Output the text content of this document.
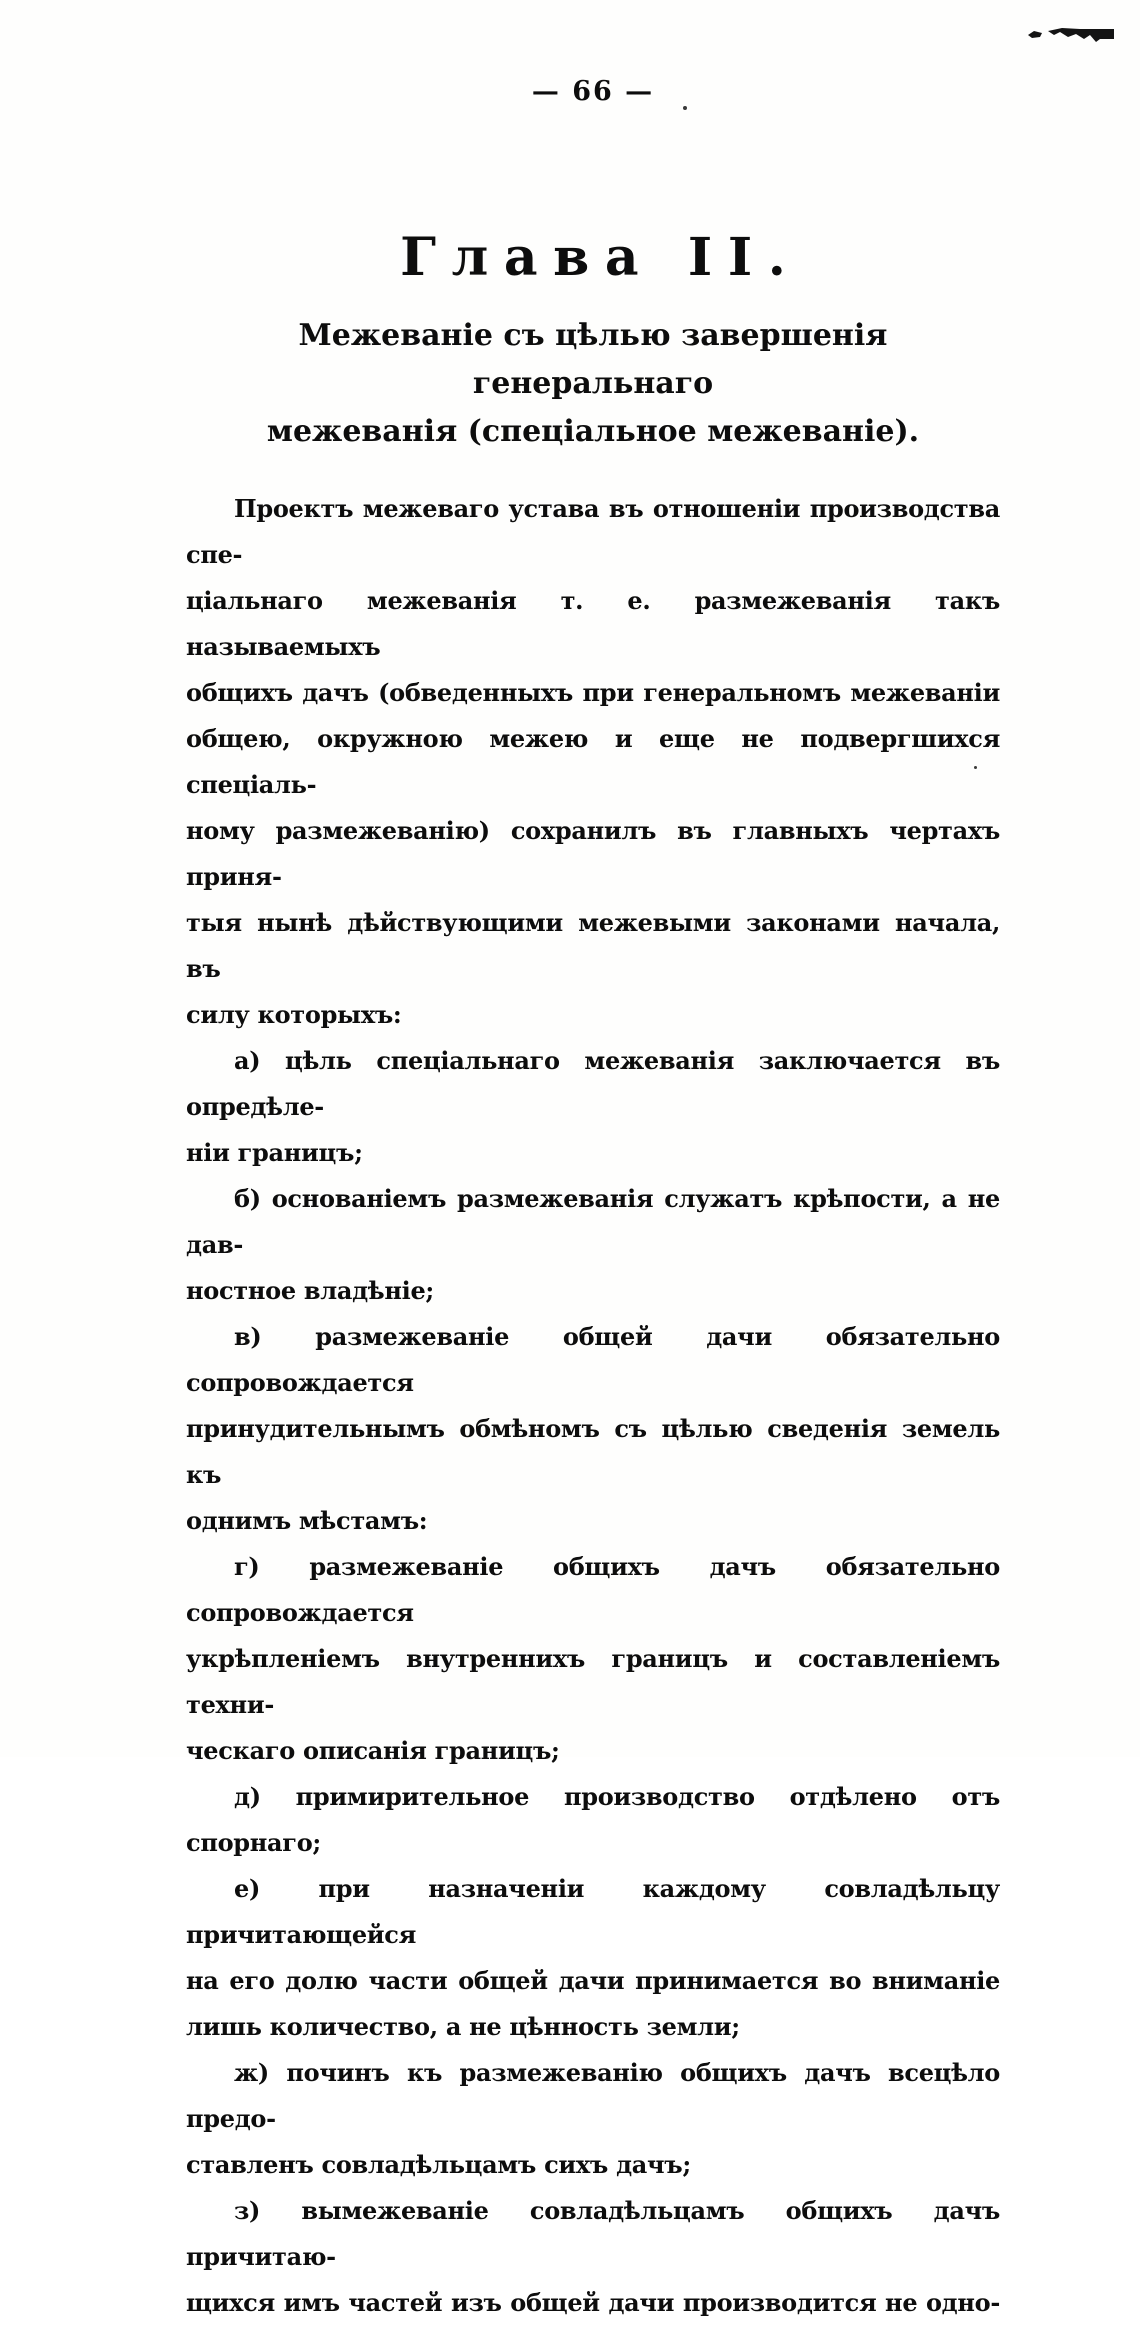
— 66 —
Глава II.
Межеваніе съ цѣлью завершенія генеральнаго
межеванія (спеціальное межеваніе).
Проектъ межеваго устава въ отношеніи производства спе-
ціальнаго межеванія т. е. размежеванія такъ называемыхъ
общихъ дачъ (обведенныхъ при генеральномъ межеваніи
общею, окружною межею и еще не подвергшихся спеціаль-
ному размежеванію) сохранилъ въ главныхъ чертахъ приня-
тыя нынѣ дѣйствующими межевыми законами начала, въ
силу которыхъ:
а) цѣль спеціальнаго межеванія заключается въ опредѣле-
ніи границъ;
б) основаніемъ размежеванія служатъ крѣпости, а не дав-
ностное владѣніе;
в) размежеваніе общей дачи обязательно сопровождается
принудительнымъ обмѣномъ съ цѣлью сведенія земель къ
однимъ мѣстамъ:
г) размежеваніе общихъ дачъ обязательно сопровождается
укрѣпленіемъ внутреннихъ границъ и составленіемъ техни-
ческаго описанія границъ;
д) примирительное производство отдѣлено отъ спорнаго;
е) при назначеніи каждому совладѣльцу причитающейся
на его долю части общей дачи принимается во вниманіе
лишь количество, а не цѣнность земли;
ж) починъ къ размежеванію общихъ дачъ всецѣло предо-
ставленъ совладѣльцамъ сихъ дачъ;
з) вымежеваніе совладѣльцамъ общихъ дачъ причитаю-
щихся имъ частей изъ общей дачи производится не одно-
